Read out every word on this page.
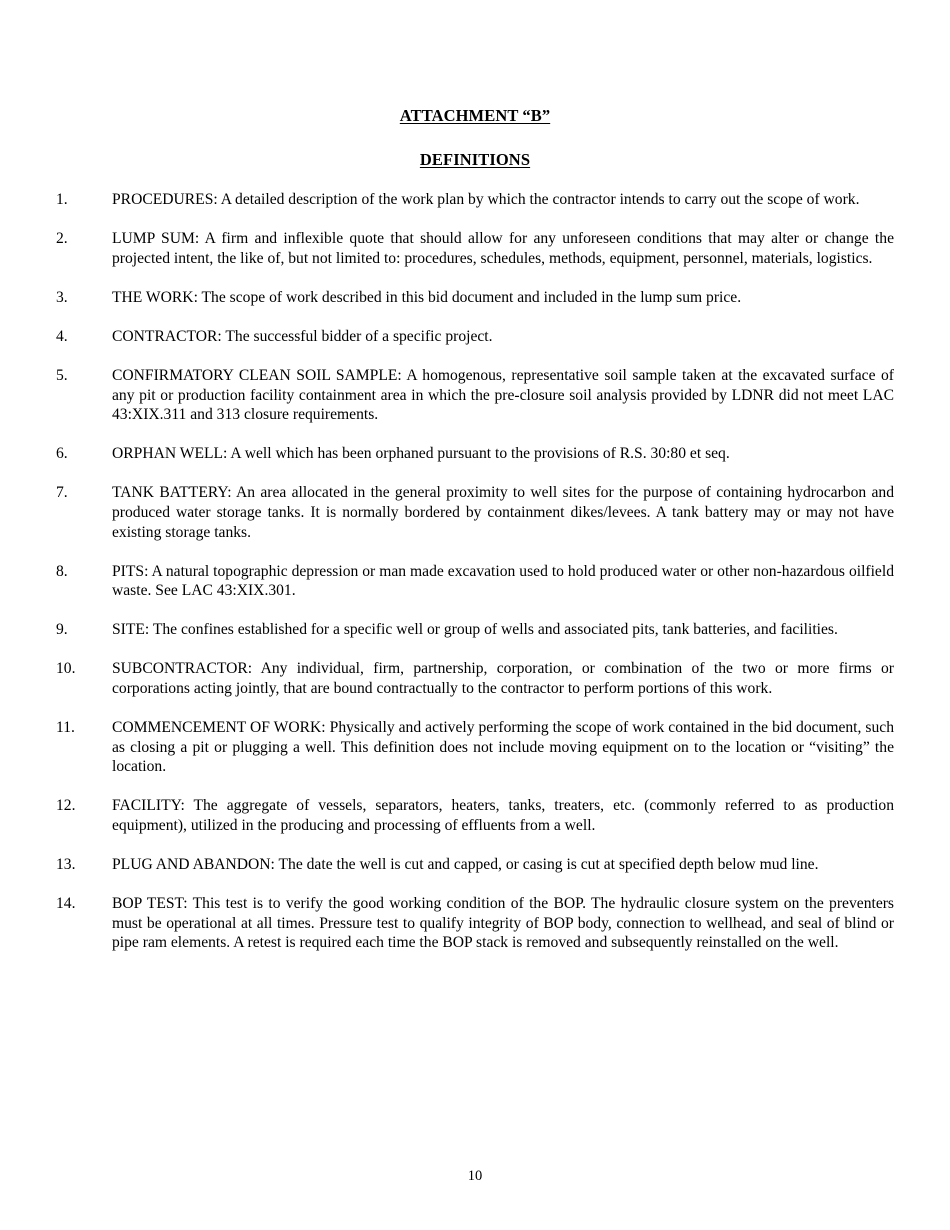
ATTACHMENT “B”
DEFINITIONS
1.	PROCEDURES: A detailed description of the work plan by which the contractor intends to carry out the scope of work.
2.	LUMP SUM: A firm and inflexible quote that should allow for any unforeseen conditions that may alter or change the projected intent, the like of, but not limited to: procedures, schedules, methods, equipment, personnel, materials, logistics.
3.	THE WORK: The scope of work described in this bid document and included in the lump sum price.
4.	CONTRACTOR: The successful bidder of a specific project.
5.	CONFIRMATORY CLEAN SOIL SAMPLE: A homogenous, representative soil sample taken at the excavated surface of any pit or production facility containment area in which the pre-closure soil analysis provided by LDNR did not meet LAC 43:XIX.311 and 313 closure requirements.
6.	ORPHAN WELL: A well which has been orphaned pursuant to the provisions of R.S. 30:80 et seq.
7.	TANK BATTERY: An area allocated in the general proximity to well sites for the purpose of containing hydrocarbon and produced water storage tanks. It is normally bordered by containment dikes/levees. A tank battery may or may not have existing storage tanks.
8.	PITS: A natural topographic depression or man made excavation used to hold produced water or other non-hazardous oilfield waste. See LAC 43:XIX.301.
9.	SITE: The confines established for a specific well or group of wells and associated pits, tank batteries, and facilities.
10.	SUBCONTRACTOR: Any individual, firm, partnership, corporation, or combination of the two or more firms or corporations acting jointly, that are bound contractually to the contractor to perform portions of this work.
11.	COMMENCEMENT OF WORK: Physically and actively performing the scope of work contained in the bid document, such as closing a pit or plugging a well. This definition does not include moving equipment on to the location or “visiting” the location.
12.	FACILITY: The aggregate of vessels, separators, heaters, tanks, treaters, etc. (commonly referred to as production equipment), utilized in the producing and processing of effluents from a well.
13.	PLUG AND ABANDON: The date the well is cut and capped, or casing is cut at specified depth below mud line.
14.	BOP TEST: This test is to verify the good working condition of the BOP. The hydraulic closure system on the preventers must be operational at all times. Pressure test to qualify integrity of BOP body, connection to wellhead, and seal of blind or pipe ram elements. A retest is required each time the BOP stack is removed and subsequently reinstalled on the well.
10
